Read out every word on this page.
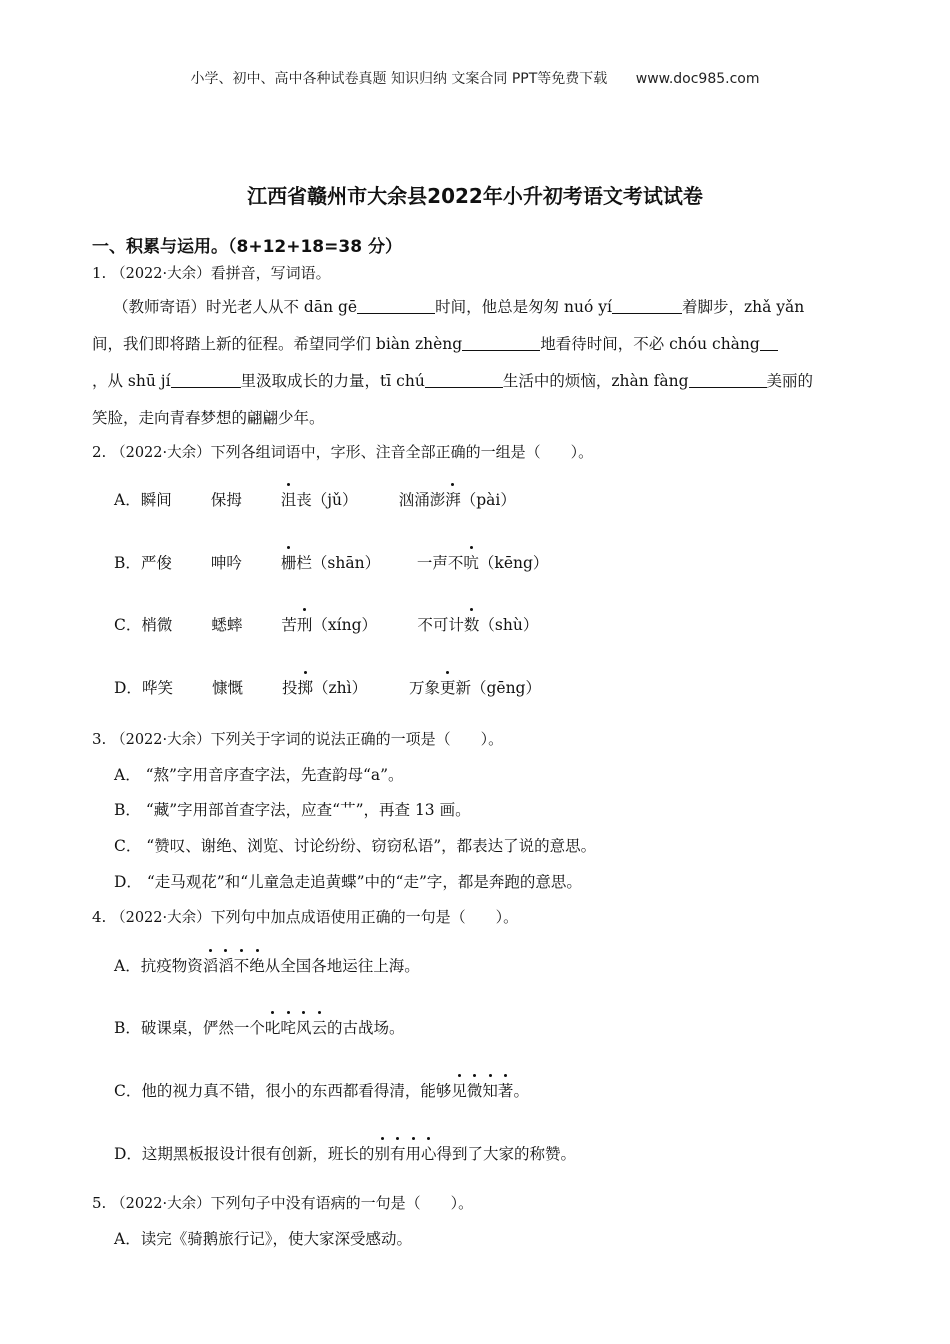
小学、初中、高中各种试卷真题 知识归纳 文案合同 PPT等免费下载 www.doc985.com
江西省赣州市大余县2022年小升初考语文考试试卷
一、积累与运用。（8+12+18=38 分）
1. （2022·大余）看拼音，写词语。
（教师寄语）时光老人从不 dān gē	时间，他总是匆匆 nuó yí	着脚步，zhǎ yǎn
间，我们即将踏上新的征程。希望同学们 biàn zhèng	地看待时间，不必 chóu chàng
，从 shū jí	里汲取成长的力量，tī chú	生活中的烦恼，zhàn fàng	美丽的
笑脸，走向青春梦想的翩翩少年。
2. （2022·大余）下列各组词语中，字形、注音全部正确的一组是（　　）。
A．瞬间	保拇	沮丧（jǔ）	汹涌澎湃（pài）
B．严俊	呻吟	栅栏（shān） 一声不吭（kēng）
C．梢微	蟋蟀	苦刑（xíng）	不可计数（shù）
D．哗笑	慷慨	投掷（zhì）	万象更新（gēng）
3. （2022·大余）下列关于字词的说法正确的一项是（　　）。
A． “熬”字用音序查字法，先查韵母“a”。
B． “藏”字用部首查字法，应查“艹”，再查 13 画。
C． “赞叹、谢绝、浏览、讨论纷纷、窃窃私语”，都表达了说的意思。
D． “走马观花”和“儿童急走追黄蝶”中的“走”字，都是奔跑的意思。
4. （2022·大余）下列句中加点成语使用正确的一句是（　　）。
A．抗疫物资滔滔不绝从全国各地运往上海。
B．破课桌，俨然一个叱咤风云的古战场。
C．他的视力真不错，很小的东西都看得清，能够见微知著。
D．这期黑板报设计很有创新，班长的别有用心得到了大家的称赞。
5. （2022·大余）下列句子中没有语病的一句是（　　）。
A．读完《骑鹅旅行记》，使大家深受感动。
